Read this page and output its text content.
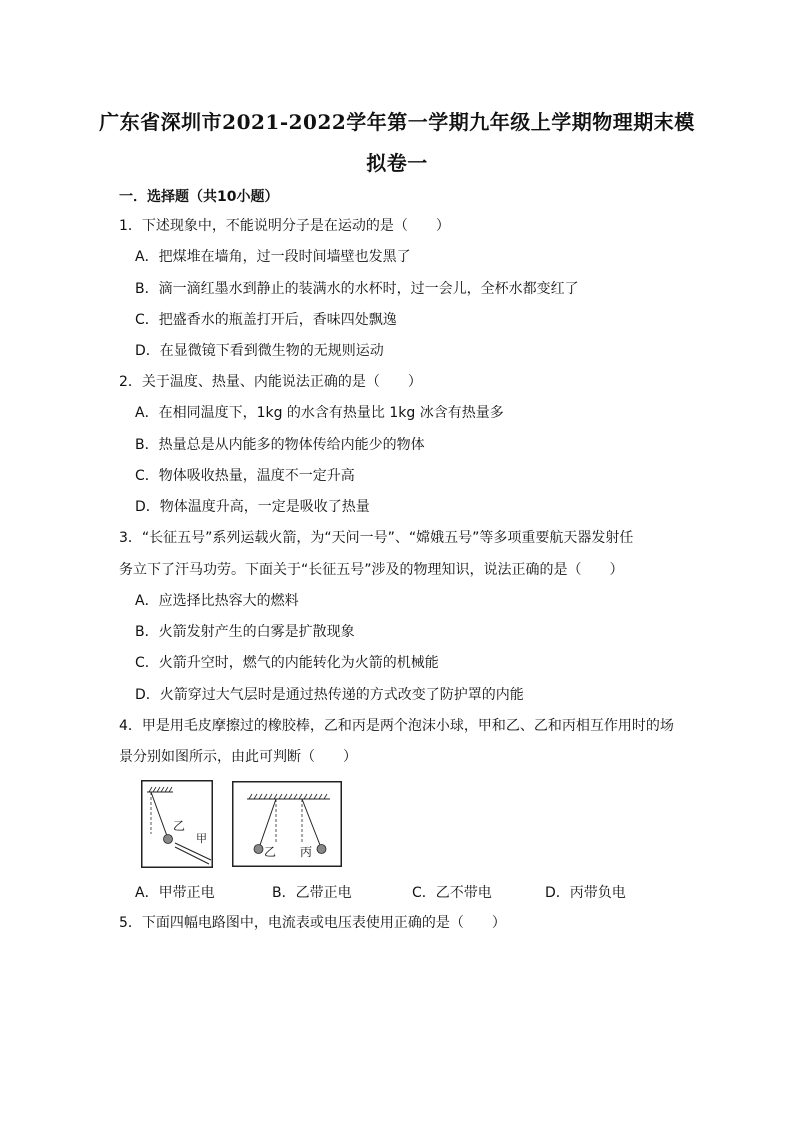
广东省深圳市2021-2022学年第一学期九年级上学期物理期末模
拟卷一
一．选择题（共10小题）
1．下述现象中，不能说明分子是在运动的是（　　）
A．把煤堆在墙角，过一段时间墙壁也发黑了
B．滴一滴红墨水到静止的装满水的水杯时，过一会儿，全杯水都变红了
C．把盛香水的瓶盖打开后，香味四处飘逸
D．在显微镜下看到微生物的无规则运动
2．关于温度、热量、内能说法正确的是（　　）
A．在相同温度下，1kg 的水含有热量比 1kg 冰含有热量多
B．热量总是从内能多的物体传给内能少的物体
C．物体吸收热量，温度不一定升高
D．物体温度升高，一定是吸收了热量
3．“长征五号”系列运载火箭，为“天问一号”、“嫦娥五号”等多项重要航天器发射任
务立下了汗马功劳。下面关于“长征五号”涉及的物理知识，说法正确的是（　　）
A．应选择比热容大的燃料
B．火箭发射产生的白雾是扩散现象
C．火箭升空时，燃气的内能转化为火箭的机械能
D．火箭穿过大气层时是通过热传递的方式改变了防护罩的内能
4．甲是用毛皮摩擦过的橡胶棒，乙和丙是两个泡沫小球，甲和乙、乙和丙相互作用时的场
景分别如图所示，由此可判断（　　）
乙
甲
乙 丙
A．甲带正电	B．乙带正电	C．乙不带电	D．丙带负电
5．下面四幅电路图中，电流表或电压表使用正确的是（　　）
